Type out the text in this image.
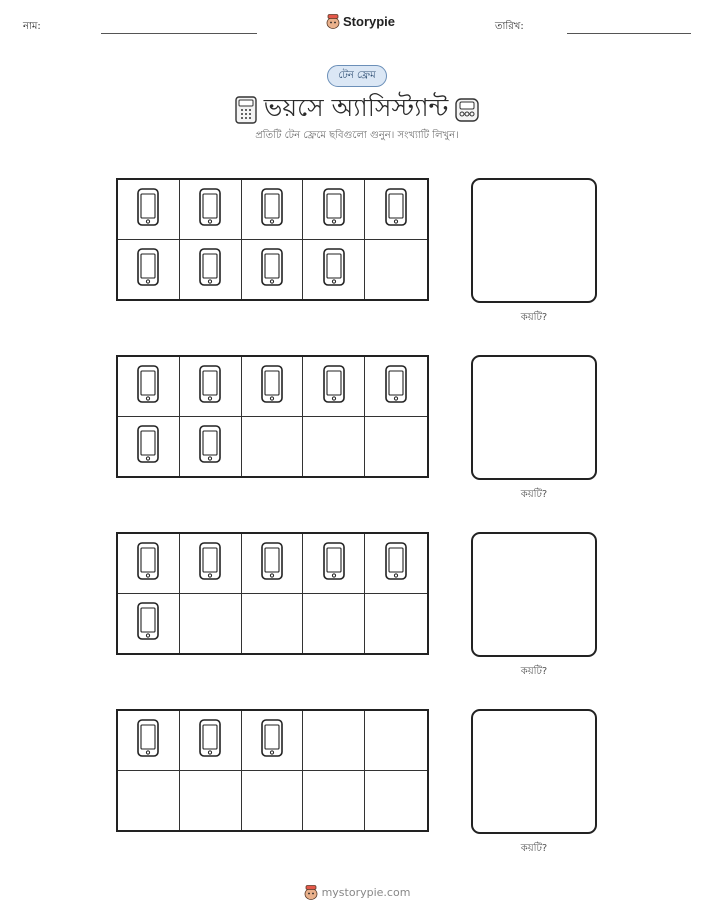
নাম:	Storypie	তারিখ:
টেন ফ্রেম
ভয়সে অ্যাসিস্ট্যান্ট
প্রতিটি টেন ফ্রেমে ছবিগুলো গুনুন। সংখ্যাটি লিখুন।
কয়টি?
কয়টি?
কয়টি?
কয়টি?
mystorypie.com
